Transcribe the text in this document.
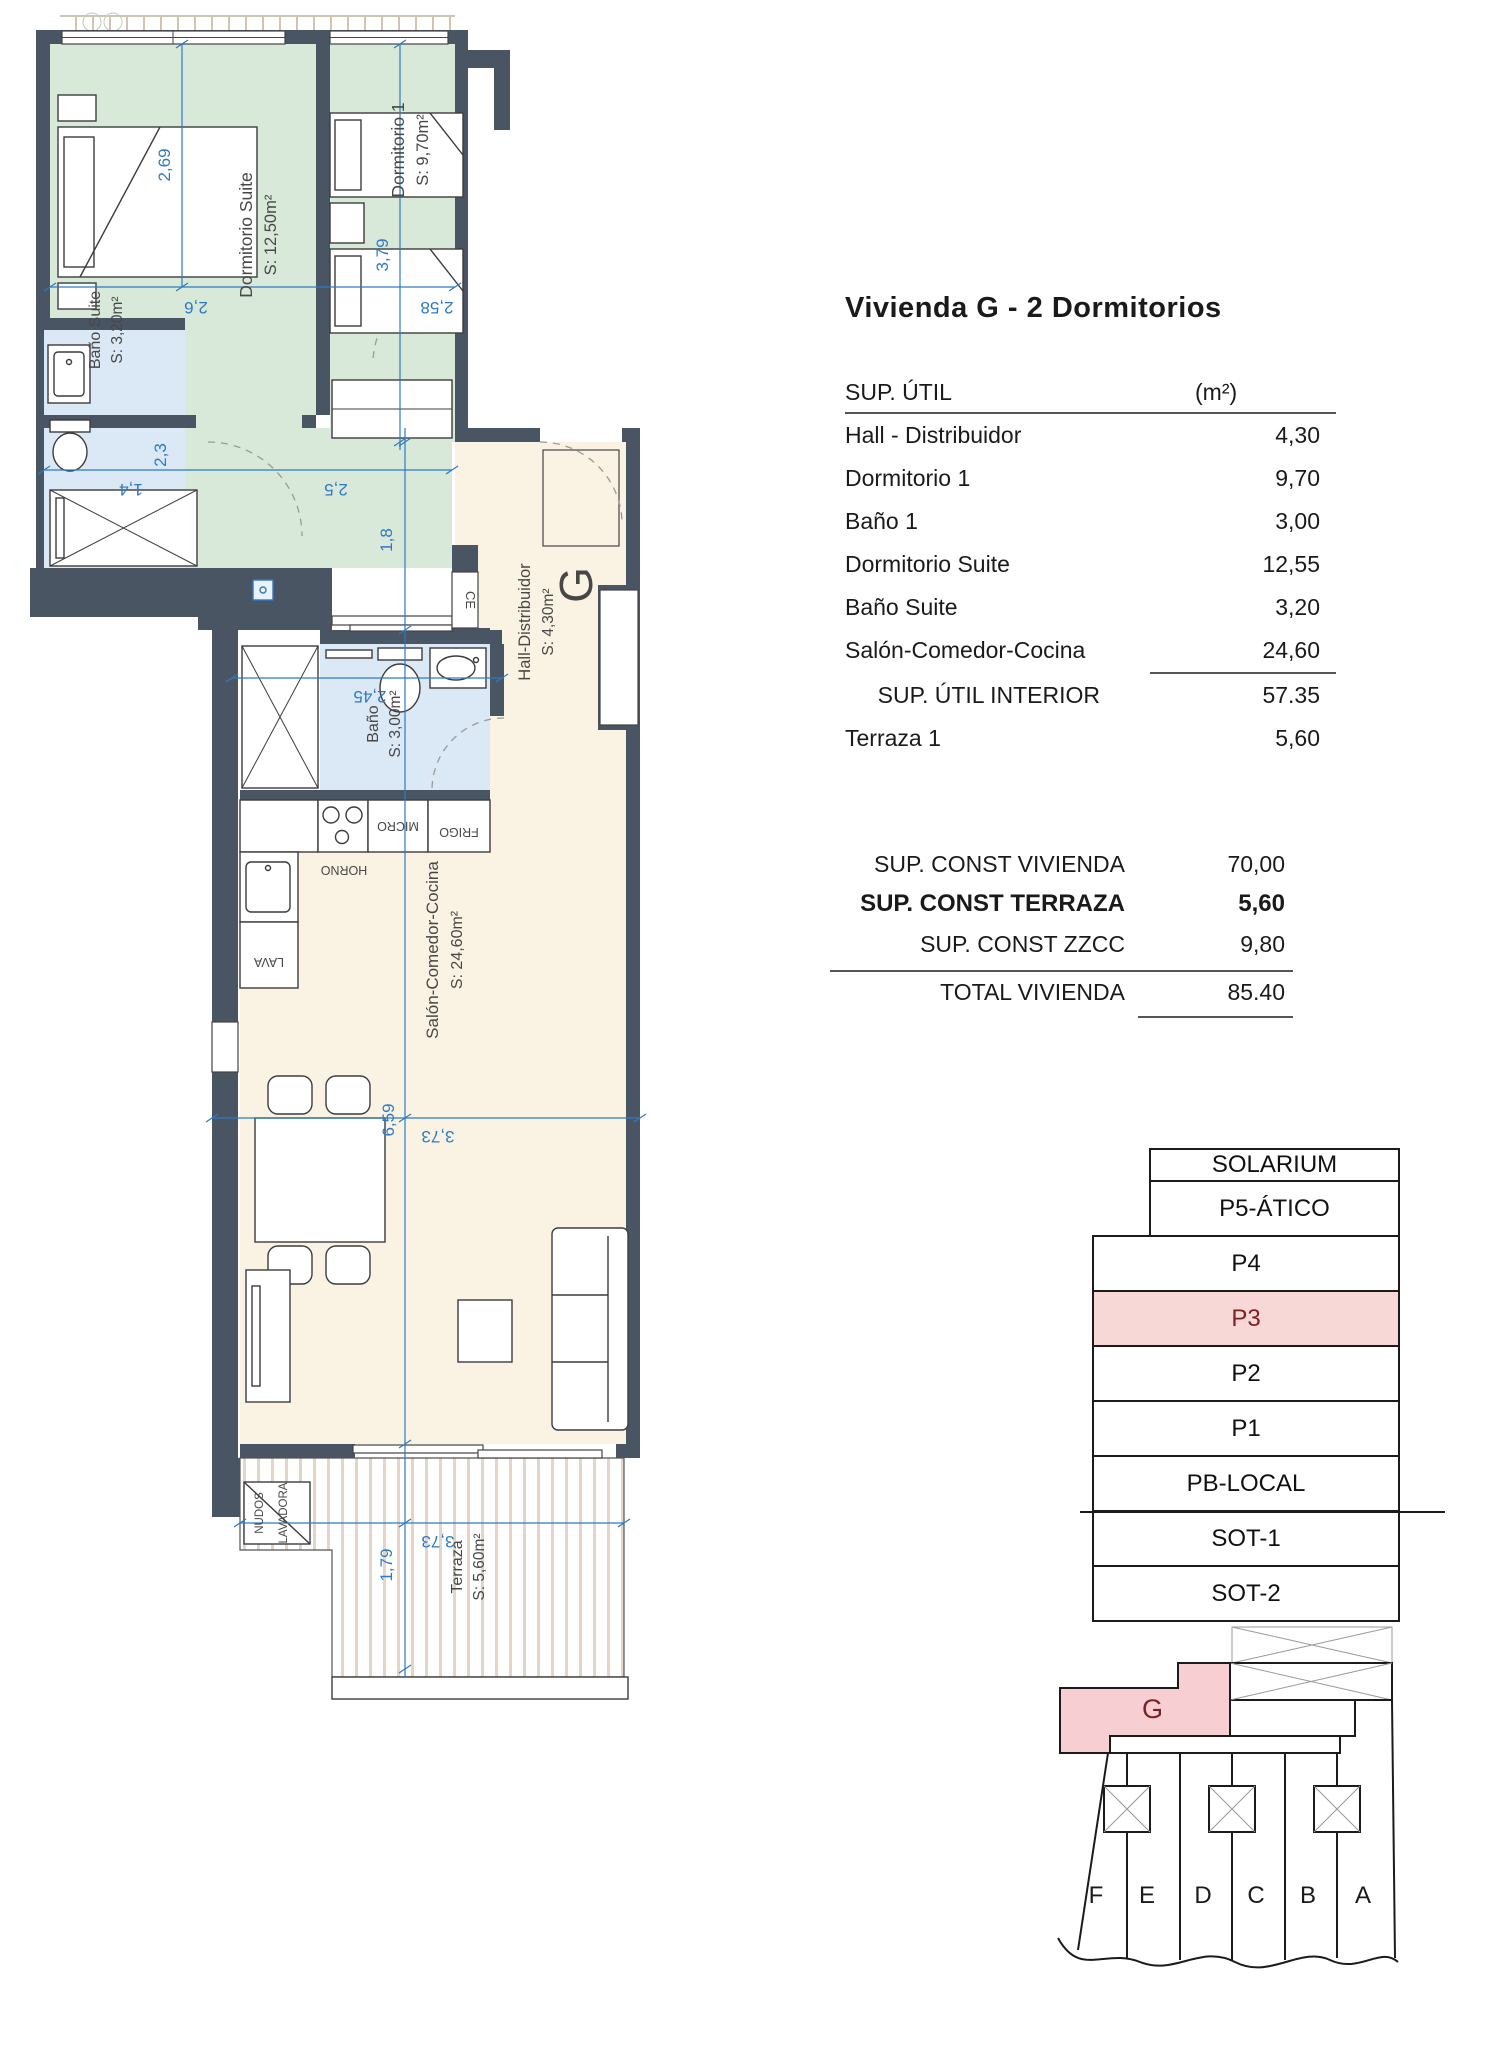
2,69
2,6
3,79
2,58
2,3
1,4	2,5
1,8
2,45
6,59 3,73
1,79
3,73
Dormitorio Suite S: 12,50m²
Dormitorio 1 S: 9,70m²
Baño Suite S: 3,20m²
Baño S: 3,00m²
Hall-Distribuidor S: 4,30m²
Salón-Comedor-Cocina S: 24,60m²
Terraza S: 5,60m²
G
CE
HORNO
MICRO FRIGO
LAVA
NUDOS LAVADORA
Vivienda G - 2 Dormitorios
SUP. ÚTIL	(m²)
Hall - Distribuidor	4,30
Dormitorio 1	9,70
Baño 1	3,00
Dormitorio Suite	12,55
Baño Suite	3,20
Salón-Comedor-Cocina	24,60
SUP. ÚTIL INTERIOR	57.35
Terraza 1	5,60
SUP. CONST VIVIENDA	70,00
SUP. CONST TERRAZA	5,60
SUP. CONST ZZCC	9,80
TOTAL VIVIENDA	85.40
SOLARIUM
P5-ÁTICO
P4
P3
P2
P1
PB-LOCAL
SOT-1
SOT-2
G
F E D C B A
